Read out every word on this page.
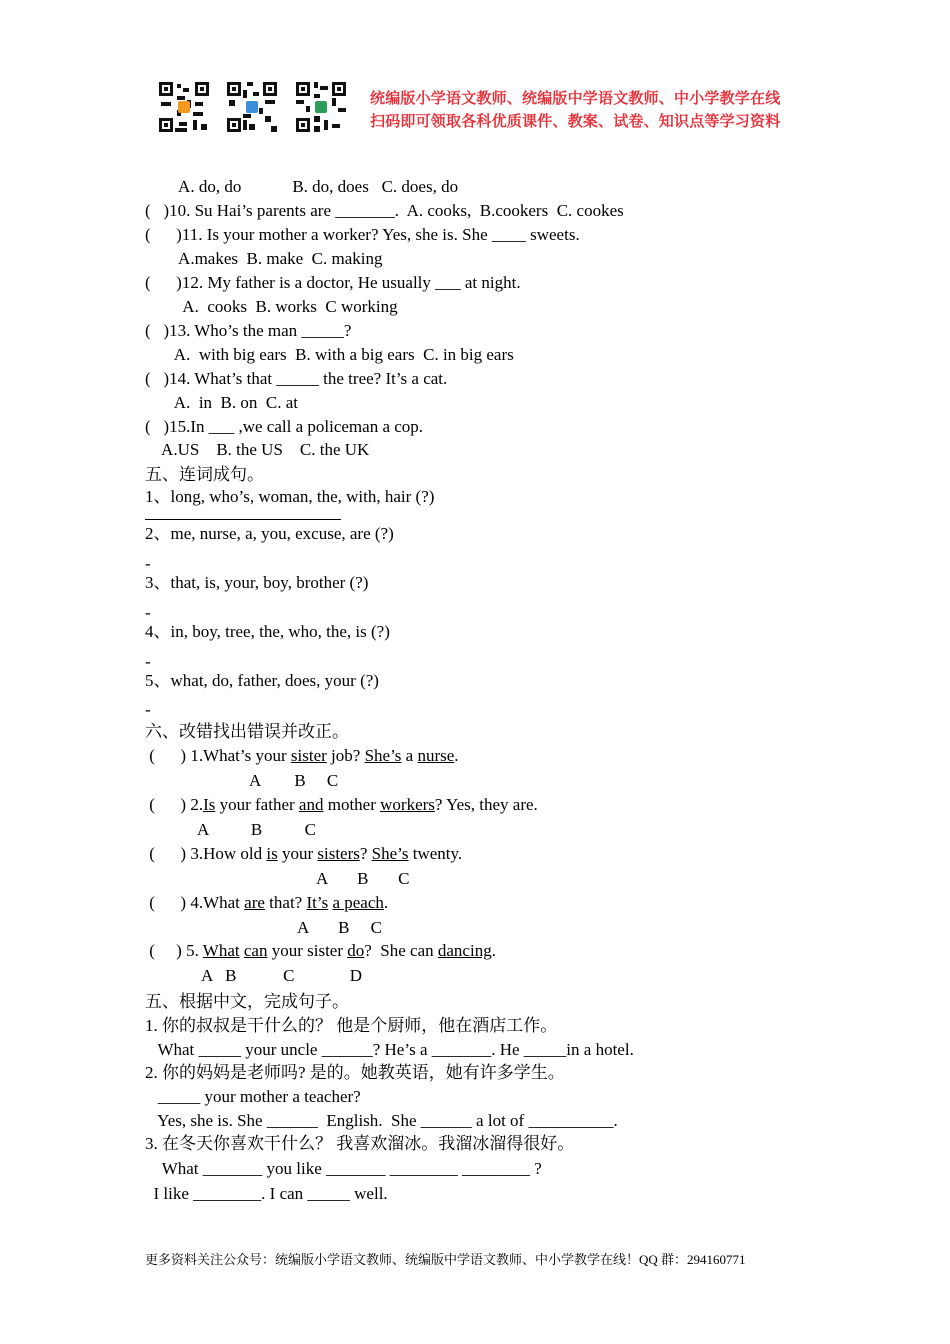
统编版小学语文教师、统编版中学语文教师、中小学教学在线
扫码即可领取各科优质课件、教案、试卷、知识点等学习资料
A. do, do            B. do, does   C. does, do
(   )10. Su Hai’s parents are _______.  A. cooks,  B.cookers  C. cookes
(      )11. Is your mother a worker? Yes, she is. She ____ sweets.
A.makes  B. make  C. making
(      )12. My father is a doctor, He usually ___ at night.
A.  cooks  B. works  C working
(   )13. Who’s the man _____?
A.  with big ears  B. with a big ears  C. in big ears
(   )14. What’s that _____ the tree? It’s a cat.
A.  in  B. on  C. at
(   )15.In ___ ,we call a policeman a cop.
A.US    B. the US    C. the UK
五、连词成句。
1、long, who’s, woman, the, with, hair (?)
2、me, nurse, a, you, excuse, are (?)
-
3、that, is, your, boy, brother (?)
-
4、in, boy, tree, the, who, the, is (?)
-
5、what, do, father, does, your (?)
-
六、改错找出错误并改正。
(      ) 1.What’s your sister job? She’s a nurse.
A        B     C
(      ) 2.Is your father and mother workers? Yes, they are.
A          B          C
(      ) 3.How old is your sisters? She’s twenty.
A       B       C
(      ) 4.What are that? It’s a peach.
A       B     C
(     ) 5. What can your sister do?  She can dancing.
A   B           C             D
五、根据中文，完成句子。
1. 你的叔叔是干什么的？ 他是个厨师，他在酒店工作。
What _____ your uncle ______? He’s a _______. He _____in a hotel.
2. 你的妈妈是老师吗? 是的。她教英语，她有许多学生。
_____ your mother a teacher?
Yes, she is. She ______  English.  She ______ a lot of __________.
3. 在冬天你喜欢干什么？ 我喜欢溜冰。我溜冰溜得很好。
What _______ you like _______ ________ ________ ?
I like ________. I can _____ well.
更多资料关注公众号：统编版小学语文教师、统编版中学语文教师、中小学教学在线！QQ 群：294160771
